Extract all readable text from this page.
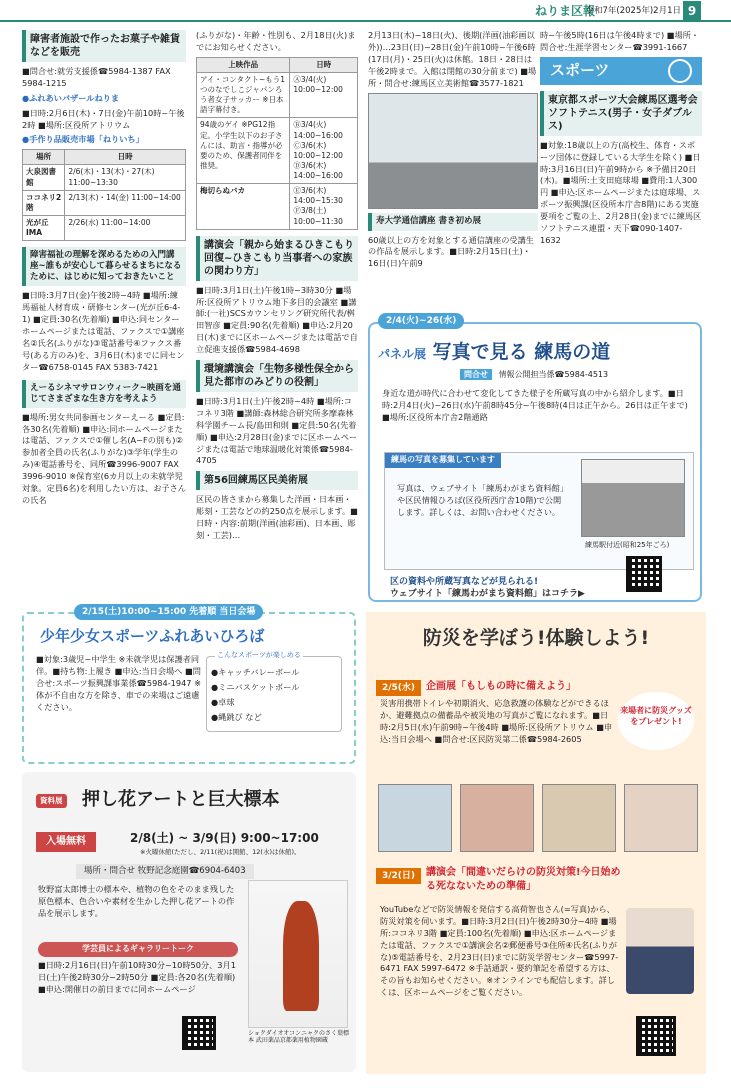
ねりま区報
令和7年(2025年)2月1日 9
障害者施設で作ったお菓子や雑貨などを販売
■問合せ:就労支援係☎5984-1387 FAX 5984-1215
●ふれあいバザールねりま
■日時:2月6日(木)・7日(金)午前10時~午後2時 ■場所:区役所アトリウム
●手作り品販売市場「ねりいち」
場所	日時
大泉図書館	2/6(木)・13(木)・27(木) 11:00~13:30
ココネリ2階	2/13(木)・14(金) 11:00~14:00
光が丘IMA	2/26(水) 11:00~14:00
障害福祉の理解を深めるための入門講座~誰もが安心して暮らせるまちになるために、はじめに知っておきたいこと
■日時:3月7日(金)午後2時~4時 ■場所:練馬福祉人材育成・研修センター(光が丘6-4-1) ■定員:30名(先着順) ■申込:同センターホームページまたは電話、ファクスで①講座名②氏名(ふりがな)③電話番号④ファクス番号(ある方のみ)を、3月6日(木)までに同センター☎6758-0145 FAX 5383-7421
えーるシネマサロンウィーク~映画を通じてさまざまな生き方を考えよう
■場所:男女共同参画センターえーる ■定員:各30名(先着順) ■申込:同ホームページまたは電話、ファクスで①催し名(A~Fの別も)②参加者全員の氏名(ふりがな)③学年(学生のみ)④電話番号を、同所☎3996-9007 FAX 3996-9010 ※保育室(6カ月以上の未就学児対象。定員6名)を利用したい方は、お子さんの氏名
(ふりがな)・年齢・性別も、2月18日(火)までにお知らせください。
上映作品	日時
アイ・コンタクト~もう1つのなでしこジャパンろう者女子サッカー ※日本語字幕付き。	Ⓐ3/4(火) 10:00~12:00
94歳のゲイ ※PG12指定。小学生以下のお子さんには、助言・指導が必要のため、保護者同伴を推奨。	Ⓑ3/4(火) 14:00~16:00 Ⓒ3/6(木) 10:00~12:00 Ⓓ3/6(木) 14:00~16:00
梅切らぬバカ	Ⓔ3/6(木) 14:00~15:30 Ⓕ3/8(土) 10:00~11:30
講演会「親から始まるひきこもり回復~ひきこもり当事者への家族の関わり方」
■日時:3月1日(土)午後1時~3時30分 ■場所:区役所アトリウム地下多目的会議室 ■講師:(一社)SCSカウンセリング研究所代表/桝田智彦 ■定員:90名(先着順) ■申込:2月20日(木)までに区ホームページまたは電話で自立促進支援係☎5984-4698
環境講演会「生物多様性保全から見た都市のみどりの役割」
■日時:3月1日(土)午後2時~4時 ■場所:ココネリ3階 ■講師:森林総合研究所多摩森林科学園チーム長/島田和則 ■定員:50名(先着順) ■申込:2月28日(金)までに区ホームページまたは電話で地球温暖化対策係☎5984-4705
第56回練馬区民美術展
区民の皆さまから募集した洋画・日本画・彫刻・工芸などの約250点を展示します。■日時・内容:前期(洋画(油彩画)、日本画、彫刻・工芸)…
2月13日(木)~18日(火)、後期(洋画(油彩画以外))…23日(日)~28日(金)午前10時~午後6時(17日(月)・25日(火)は休館。18日・28日は午後2時まで。入館は閉館の30分前まで) ■場所・問合せ:練馬区立美術館☎3577-1821
寿大学通信講座 書き初め展
60歳以上の方を対象とする通信講座の受講生の作品を展示します。■日時:2月15日(土)・16日(日)午前9
時~午後5時(16日は午後4時まで) ■場所・問合せ:生涯学習センター☎3991-1667
スポーツ
東京都スポーツ大会練馬区選考会 ソフトテニス(男子・女子ダブルス)
■対象:18歳以上の方(高校生、体育・スポーツ団体に登録している大学生を除く) ■日時:3月16日(日)午前9時から ※予備日20日(木)。■場所:土支田庭球場 ■費用:1人300円 ■申込:区ホームページまたは庭球場、スポーツ振興課(区役所本庁舎8階)にある実施要項をご覧の上、2月28日(金)までに練馬区ソフトテニス連盟・天下☎090-1407-1632
2/4(火)~26(水)
パネル展 写真で見る 練馬の道
問合せ 情報公開担当係☎5984-4513
身近な道が時代に合わせて変化してきた様子を所蔵写真の中から紹介します。■日時:2月4日(火)~26日(水)午前8時45分~午後8時(4日は正午から。26日は正午まで) ■場所:区役所本庁舎2階通路
練馬の写真を募集しています
写真は、ウェブサイト「練馬わがまち資料館」や区民情報ひろば(区役所西庁舎10階)で公開します。詳しくは、お問い合わせください。
練馬駅付近(昭和25年ごろ)
区の資料や所蔵写真などが見られる!
ウェブサイト「練馬わがまち資料館」はコチラ▶
2/15(土)10:00~15:00 先着順 当日会場
少年少女スポーツふれあいひろば
■対象:3歳児~中学生 ※未就学児は保護者同伴。■持ち物:上履き ■申込:当日会場へ ■問合せ:スポーツ振興課事業係☎5984-1947 ※体が不自由な方を除き、車での来場はご遠慮ください。
こんなスポーツが楽しめる
●キャッチバレーボール
●ミニバスケットボール
●卓球
●縄跳び など
資料展 押し花アートと巨大標本
入場無料	2/8(土) ~ 3/9(日) 9:00~17:00
※火曜休館(ただし、2/11(祝)は開館、12(水)は休館)。
場所・問合せ 牧野記念庭園☎6904-6403
牧野富太郎博士の標本や、植物の色をそのまま残した原色標本、色合いや素材を生かした押し花アートの作品を展示します。
学芸員によるギャラリートーク
■日時:2月16日(日)午前10時30分~10時50分、3月1日(土)午後2時30分~2時50分 ■定員:各20名(先着順) ■申込:開催日の前日までに同ホームページ
ショクダイオオコンニャクのさく葉標本 武田薬品京都薬用植物園蔵
防災を学ぼう!体験しよう!
2/5(水)	企画展「もしもの時に備えよう」
来場者に防災グッズをプレゼント!
災害用携帯トイレや初期消火、応急救護の体験などができるほか、避難拠点の備蓄品や被災地の写真がご覧になれます。■日時:2月5日(水)午前9時~午後4時 ■場所:区役所アトリウム ■申込:当日会場へ ■問合せ:区民防災第二係☎5984-2605
3/2(日)	講演会「間違いだらけの防災対策!今日始める死なないための準備」
YouTubeなどで防災情報を発信する高荷智也さん(=写真)から、防災対策を伺います。■日時:3月2日(日)午後2時30分~4時 ■場所:ココネリ3階 ■定員:100名(先着順) ■申込:区ホームページまたは電話、ファクスで①講演会名②郵便番号③住所④氏名(ふりがな)⑤電話番号を、2月23日(日)までに防災学習センター☎5997-6471 FAX 5997-6472 ※手話通訳・要約筆記を希望する方は、その旨もお知らせください。※オンラインでも配信します。詳しくは、区ホームページをご覧ください。
